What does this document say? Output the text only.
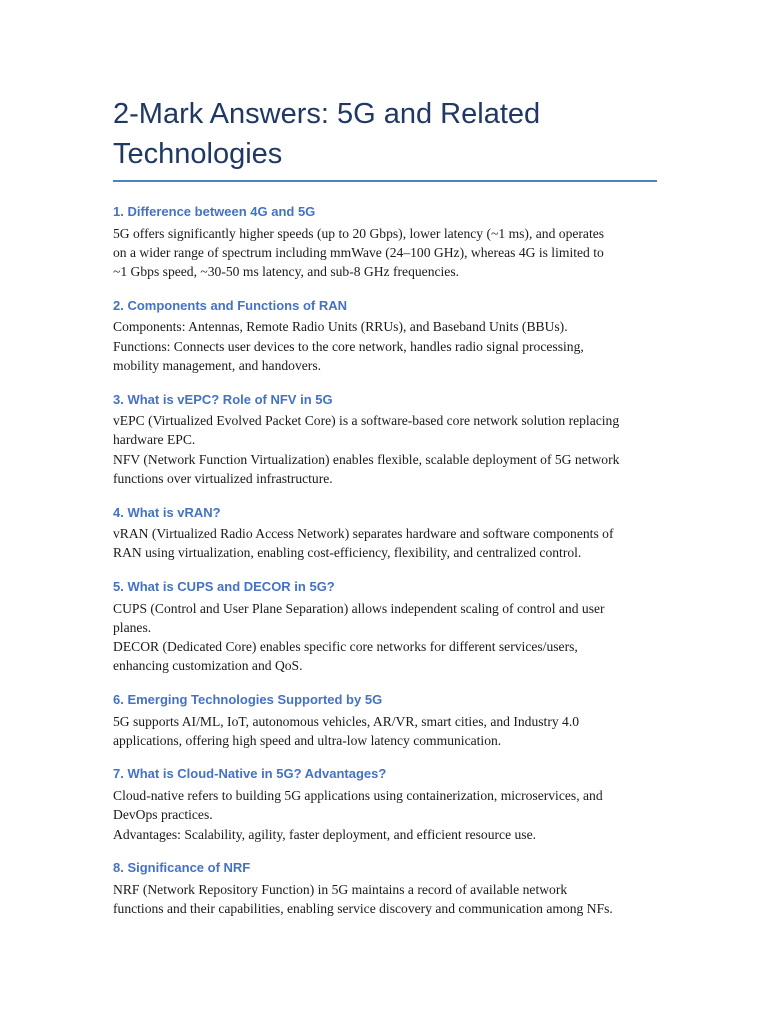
2-Mark Answers: 5G and Related Technologies
1. Difference between 4G and 5G
5G offers significantly higher speeds (up to 20 Gbps), lower latency (~1 ms), and operates
on a wider range of spectrum including mmWave (24–100 GHz), whereas 4G is limited to
~1 Gbps speed, ~30-50 ms latency, and sub-8 GHz frequencies.
2. Components and Functions of RAN
Components: Antennas, Remote Radio Units (RRUs), and Baseband Units (BBUs).
Functions: Connects user devices to the core network, handles radio signal processing,
mobility management, and handovers.
3. What is vEPC? Role of NFV in 5G
vEPC (Virtualized Evolved Packet Core) is a software-based core network solution replacing
hardware EPC.
NFV (Network Function Virtualization) enables flexible, scalable deployment of 5G network
functions over virtualized infrastructure.
4. What is vRAN?
vRAN (Virtualized Radio Access Network) separates hardware and software components of
RAN using virtualization, enabling cost-efficiency, flexibility, and centralized control.
5. What is CUPS and DECOR in 5G?
CUPS (Control and User Plane Separation) allows independent scaling of control and user
planes.
DECOR (Dedicated Core) enables specific core networks for different services/users,
enhancing customization and QoS.
6. Emerging Technologies Supported by 5G
5G supports AI/ML, IoT, autonomous vehicles, AR/VR, smart cities, and Industry 4.0
applications, offering high speed and ultra-low latency communication.
7. What is Cloud-Native in 5G? Advantages?
Cloud-native refers to building 5G applications using containerization, microservices, and
DevOps practices.
Advantages: Scalability, agility, faster deployment, and efficient resource use.
8. Significance of NRF
NRF (Network Repository Function) in 5G maintains a record of available network
functions and their capabilities, enabling service discovery and communication among NFs.
